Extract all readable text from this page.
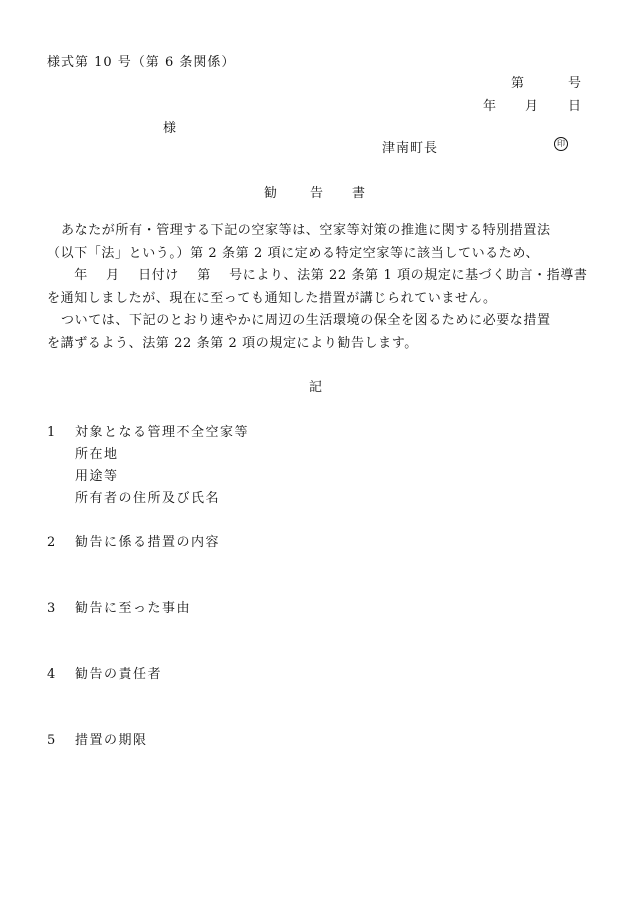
様式第 10 号（第 6 条関係）
第	号
年 月 日
様
津南町長	印
勧 告 書
あなたが所有・管理する下記の空家等は、空家等対策の推進に関する特別措置法
（以下「法」という。）第 2 条第 2 項に定める特定空家等に該当しているため、
　　年　 月　 日付け　 第　 号により、法第 22 条第 1 項の規定に基づく助言・指導書
を通知しましたが、現在に至っても通知した措置が講じられていません。
ついては、下記のとおり速やかに周辺の生活環境の保全を図るために必要な措置
を講ずるよう、法第 22 条第 2 項の規定により勧告します。
記
1 対象となる管理不全空家等
所在地
用途等
所有者の住所及び氏名
2 勧告に係る措置の内容
3 勧告に至った事由
4 勧告の責任者
5 措置の期限
